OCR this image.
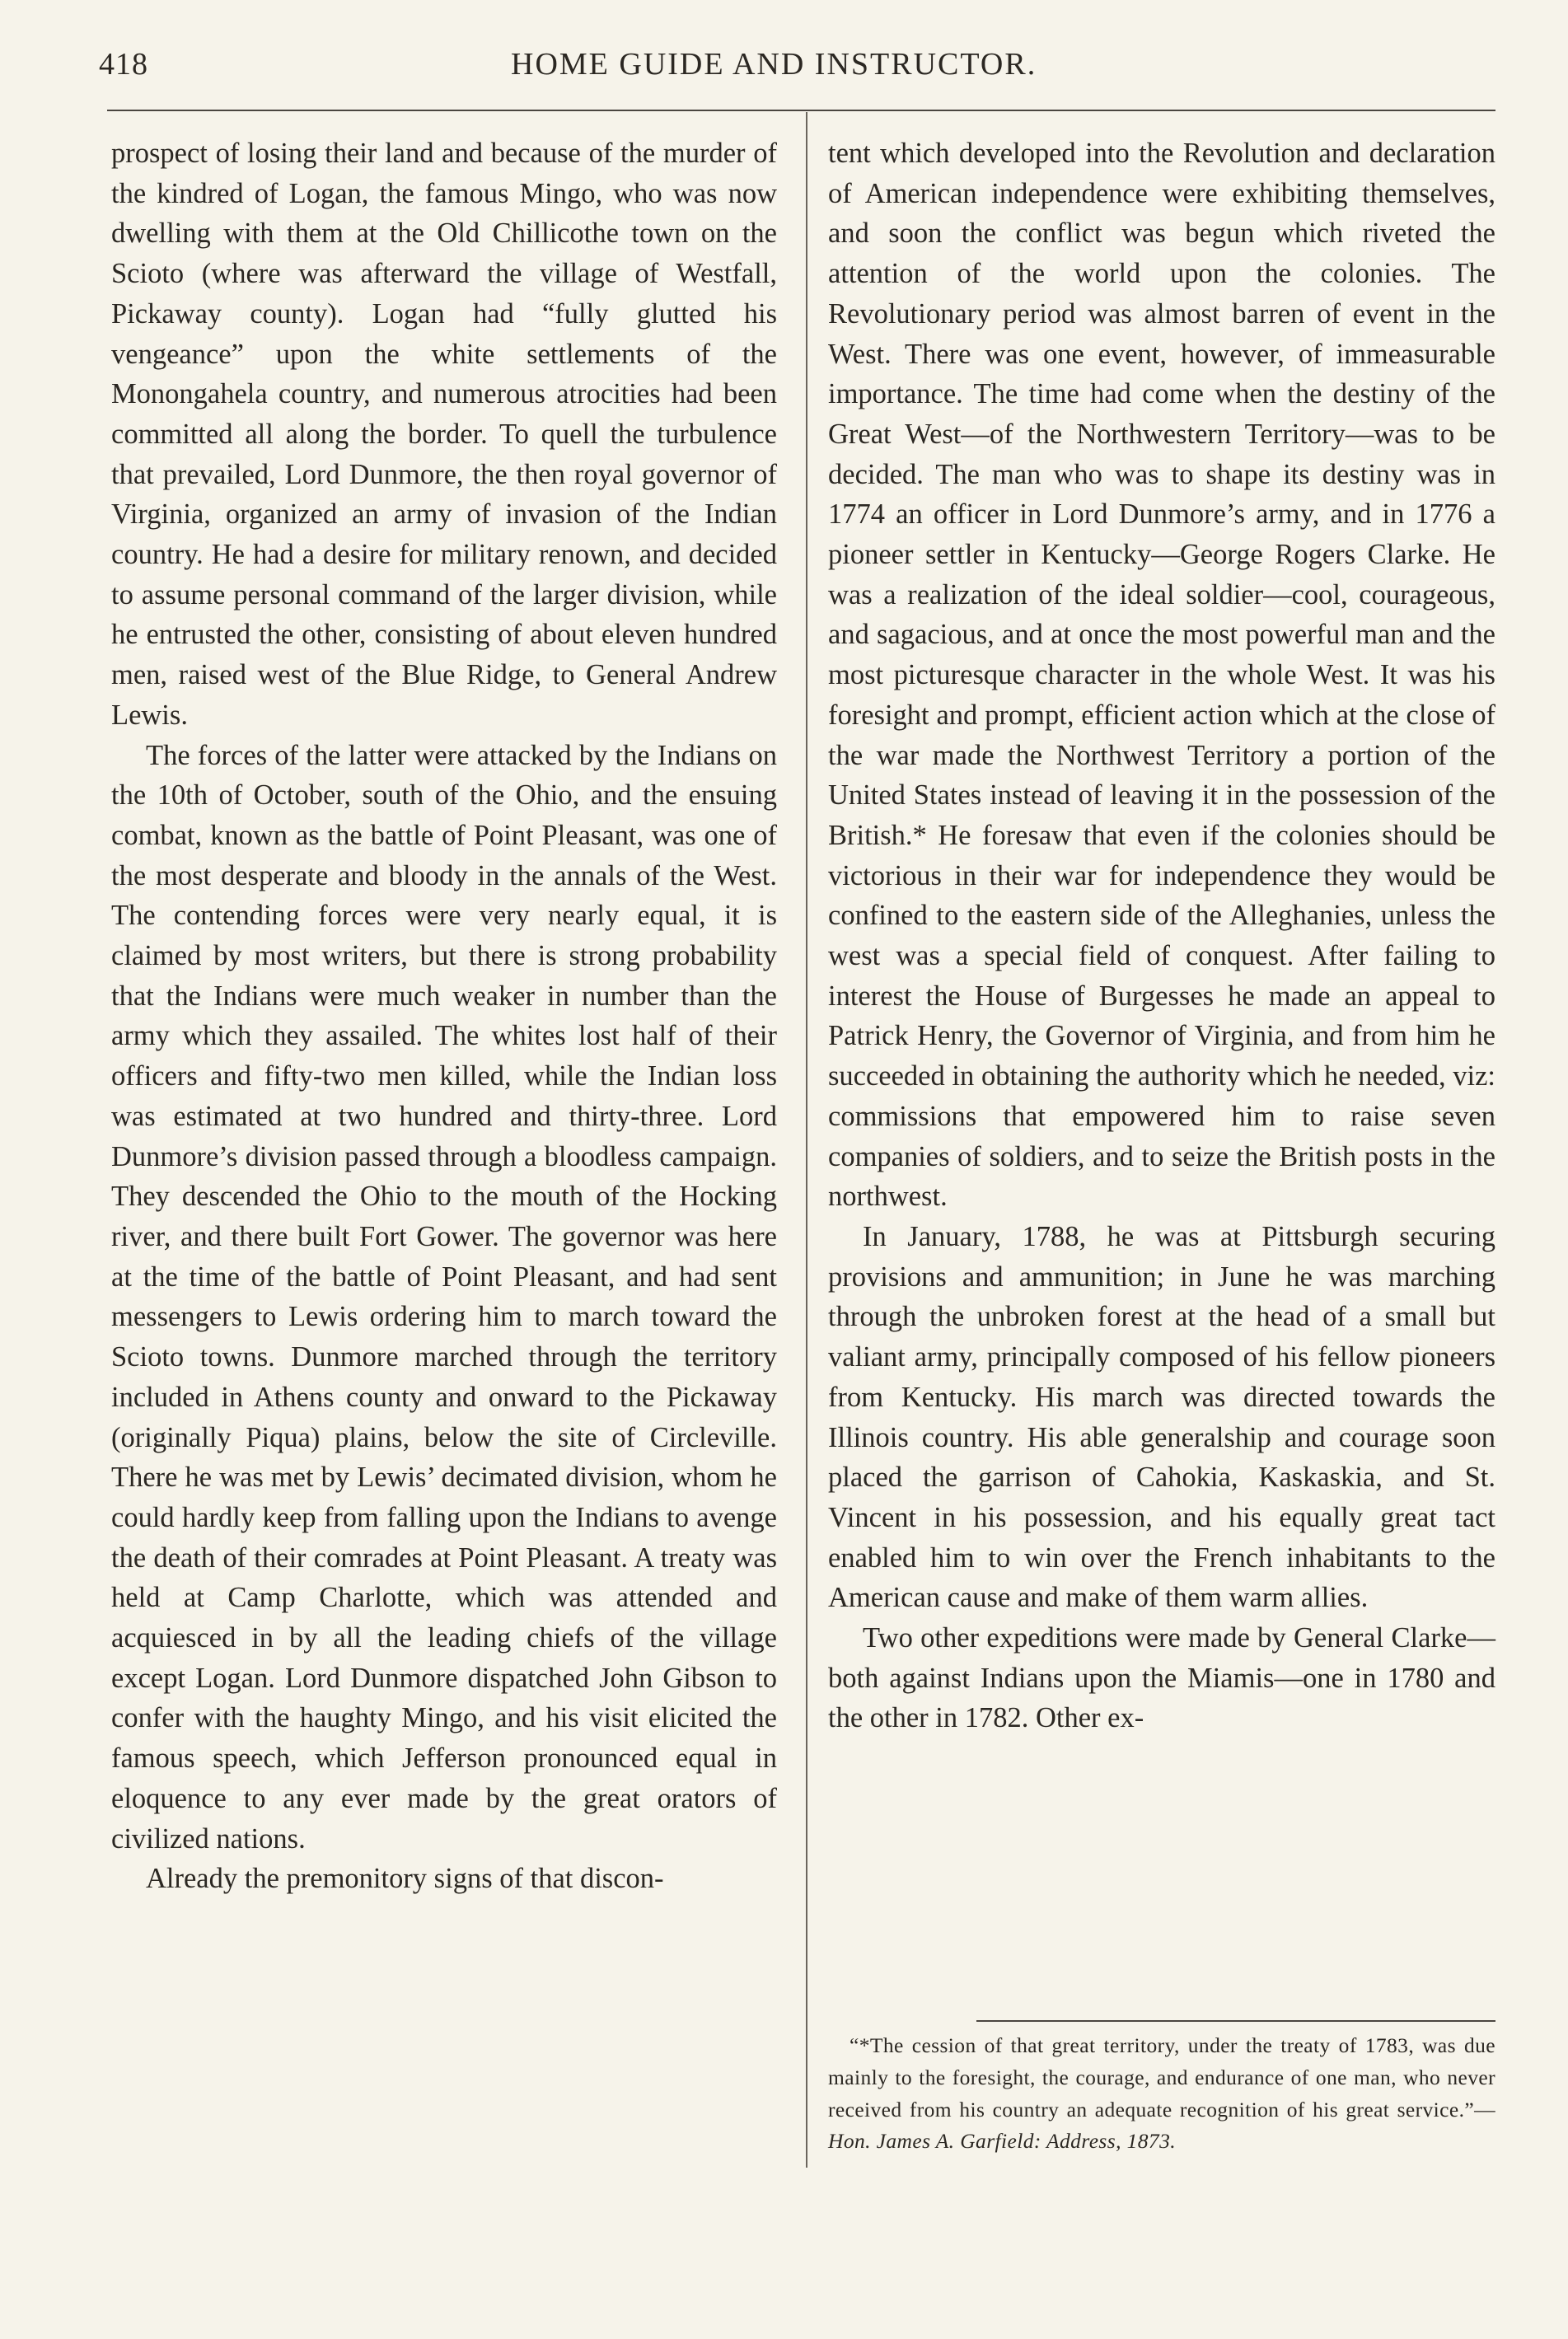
418	HOME GUIDE AND INSTRUCTOR.

prospect of losing their land and because of the murder of the kindred of Logan, the famous Mingo, who was now dwelling with them at the Old Chillicothe town on the Scioto (where was afterward the village of Westfall, Pickaway county). Logan had “fully glutted his vengeance” upon the white settlements of the Monongahela country, and numerous atrocities had been committed all along the border. To quell the turbulence that prevailed, Lord Dunmore, the then royal governor of Virginia, organized an army of invasion of the Indian country. He had a desire for military renown, and decided to assume personal command of the larger division, while he entrusted the other, consisting of about eleven hundred men, raised west of the Blue Ridge, to General Andrew Lewis.

The forces of the latter were attacked by the Indians on the 10th of October, south of the Ohio, and the ensuing combat, known as the battle of Point Pleasant, was one of the most desperate and bloody in the annals of the West. The contending forces were very nearly equal, it is claimed by most writers, but there is strong probability that the Indians were much weaker in number than the army which they assailed. The whites lost half of their officers and fifty-two men killed, while the Indian loss was estimated at two hundred and thirty-three. Lord Dunmore’s division passed through a bloodless campaign. They descended the Ohio to the mouth of the Hocking river, and there built Fort Gower. The governor was here at the time of the battle of Point Pleasant, and had sent messengers to Lewis ordering him to march toward the Scioto towns. Dunmore marched through the territory included in Athens county and onward to the Pickaway (originally Piqua) plains, below the site of Circleville. There he was met by Lewis’ decimated division, whom he could hardly keep from falling upon the Indians to avenge the death of their comrades at Point Pleasant. A treaty was held at Camp Charlotte, which was attended and acquiesced in by all the leading chiefs of the village except Logan. Lord Dunmore dispatched John Gibson to confer with the haughty Mingo, and his visit elicited the famous speech, which Jefferson pronounced equal in eloquence to any ever made by the great orators of civilized nations.

Already the premonitory signs of that discon-

tent which developed into the Revolution and declaration of American independence were exhibiting themselves, and soon the conflict was begun which riveted the attention of the world upon the colonies. The Revolutionary period was almost barren of event in the West. There was one event, however, of immeasurable importance. The time had come when the destiny of the Great West—of the Northwestern Territory—was to be decided. The man who was to shape its destiny was in 1774 an officer in Lord Dunmore’s army, and in 1776 a pioneer settler in Kentucky—George Rogers Clarke. He was a realization of the ideal soldier—cool, courageous, and sagacious, and at once the most powerful man and the most picturesque character in the whole West. It was his foresight and prompt, efficient action which at the close of the war made the Northwest Territory a portion of the United States instead of leaving it in the possession of the British.* He foresaw that even if the colonies should be victorious in their war for independence they would be confined to the eastern side of the Alleghanies, unless the west was a special field of conquest. After failing to interest the House of Burgesses he made an appeal to Patrick Henry, the Governor of Virginia, and from him he succeeded in obtaining the authority which he needed, viz: commissions that empowered him to raise seven companies of soldiers, and to seize the British posts in the northwest.

In January, 1788, he was at Pittsburgh securing provisions and ammunition; in June he was marching through the unbroken forest at the head of a small but valiant army, principally composed of his fellow pioneers from Kentucky. His march was directed towards the Illinois country. His able generalship and courage soon placed the garrison of Cahokia, Kaskaskia, and St. Vincent in his possession, and his equally great tact enabled him to win over the French inhabitants to the American cause and make of them warm allies.

Two other expeditions were made by General Clarke—both against Indians upon the Miamis—one in 1780 and the other in 1782. Other ex-

“*The cession of that great territory, under the treaty of 1783, was due mainly to the foresight, the courage, and endurance of one man, who never received from his country an adequate recognition of his great service.”—Hon. James A. Garfield: Address, 1873.
